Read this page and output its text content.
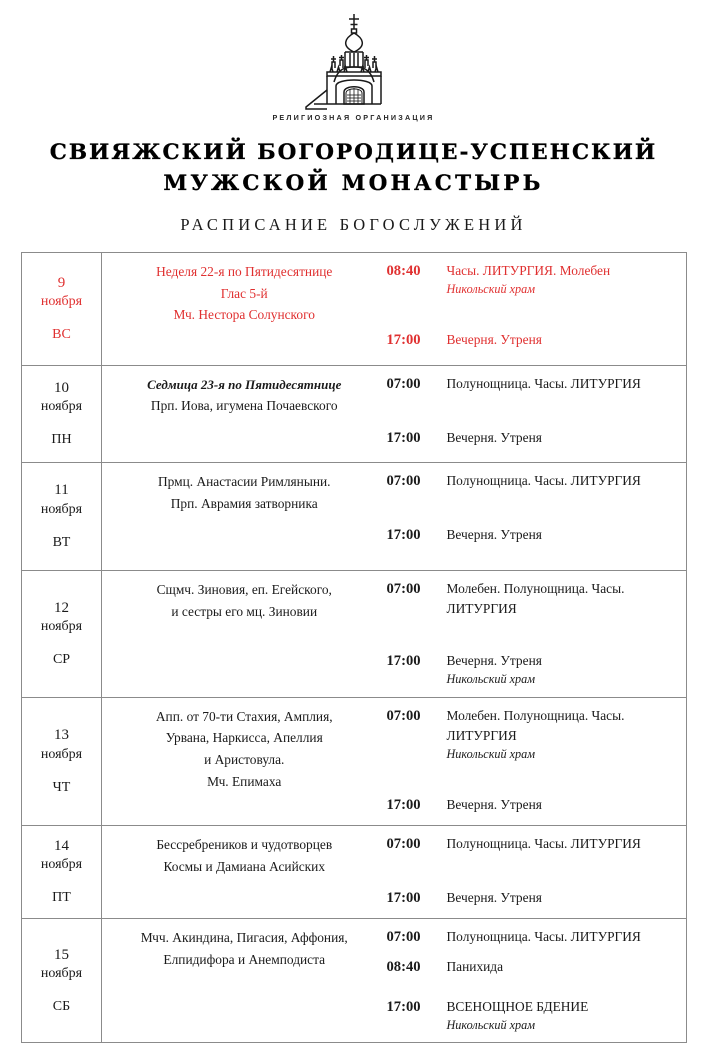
РЕЛИГИОЗНАЯ ОРГАНИЗАЦИЯ
СВИЯЖСКИЙ БОГОРОДИЦЕ-УСПЕНСКИЙ
МУЖСКОЙ МОНАСТЫРЬ
РАСПИСАНИЕ БОГОСЛУЖЕНИЙ
9
ноября
ВС

Неделя 22-я по Пятидесятнице
Глас 5-й
Мч. Нестора Солунского

08:40	Часы. ЛИТУРГИЯ. Молебен
Никольский храм
17:00	Вечерня. Утреня

10
ноября
ПН

Седмица 23-я по Пятидесятнице
Прп. Иова, игумена Почаевского

07:00	Полунощница. Часы. ЛИТУРГИЯ
17:00	Вечерня. Утреня

11
ноября
ВТ

Прмц. Анастасии Римляныни.
Прп. Аврамия затворника

07:00	Полунощница. Часы. ЛИТУРГИЯ
17:00	Вечерня. Утреня

12
ноября
СР

Сщмч. Зиновия, еп. Егейского,
и сестры его мц. Зиновии

07:00	Молебен. Полунощница. Часы. ЛИТУРГИЯ
17:00	Вечерня. Утреня
Никольский храм

13
ноября
ЧТ

Апп. от 70-ти Стахия, Амплия,
Урвана, Наркисса, Апеллия
и Аристовула.
Мч. Епимаха

07:00	Молебен. Полунощница. Часы. ЛИТУРГИЯ
Никольский храм
17:00	Вечерня. Утреня

14
ноября
ПТ

Бессребреников и чудотворцев
Космы и Дамиана Асийских

07:00	Полунощница. Часы. ЛИТУРГИЯ
17:00	Вечерня. Утреня

15
ноября
СБ

Мчч. Акиндина, Пигасия, Аффония,
Елпидифора и Анемподиста

07:00	Полунощница. Часы. ЛИТУРГИЯ
08:40	Панихида
17:00	ВСЕНОЩНОЕ БДЕНИЕ
Никольский храм
